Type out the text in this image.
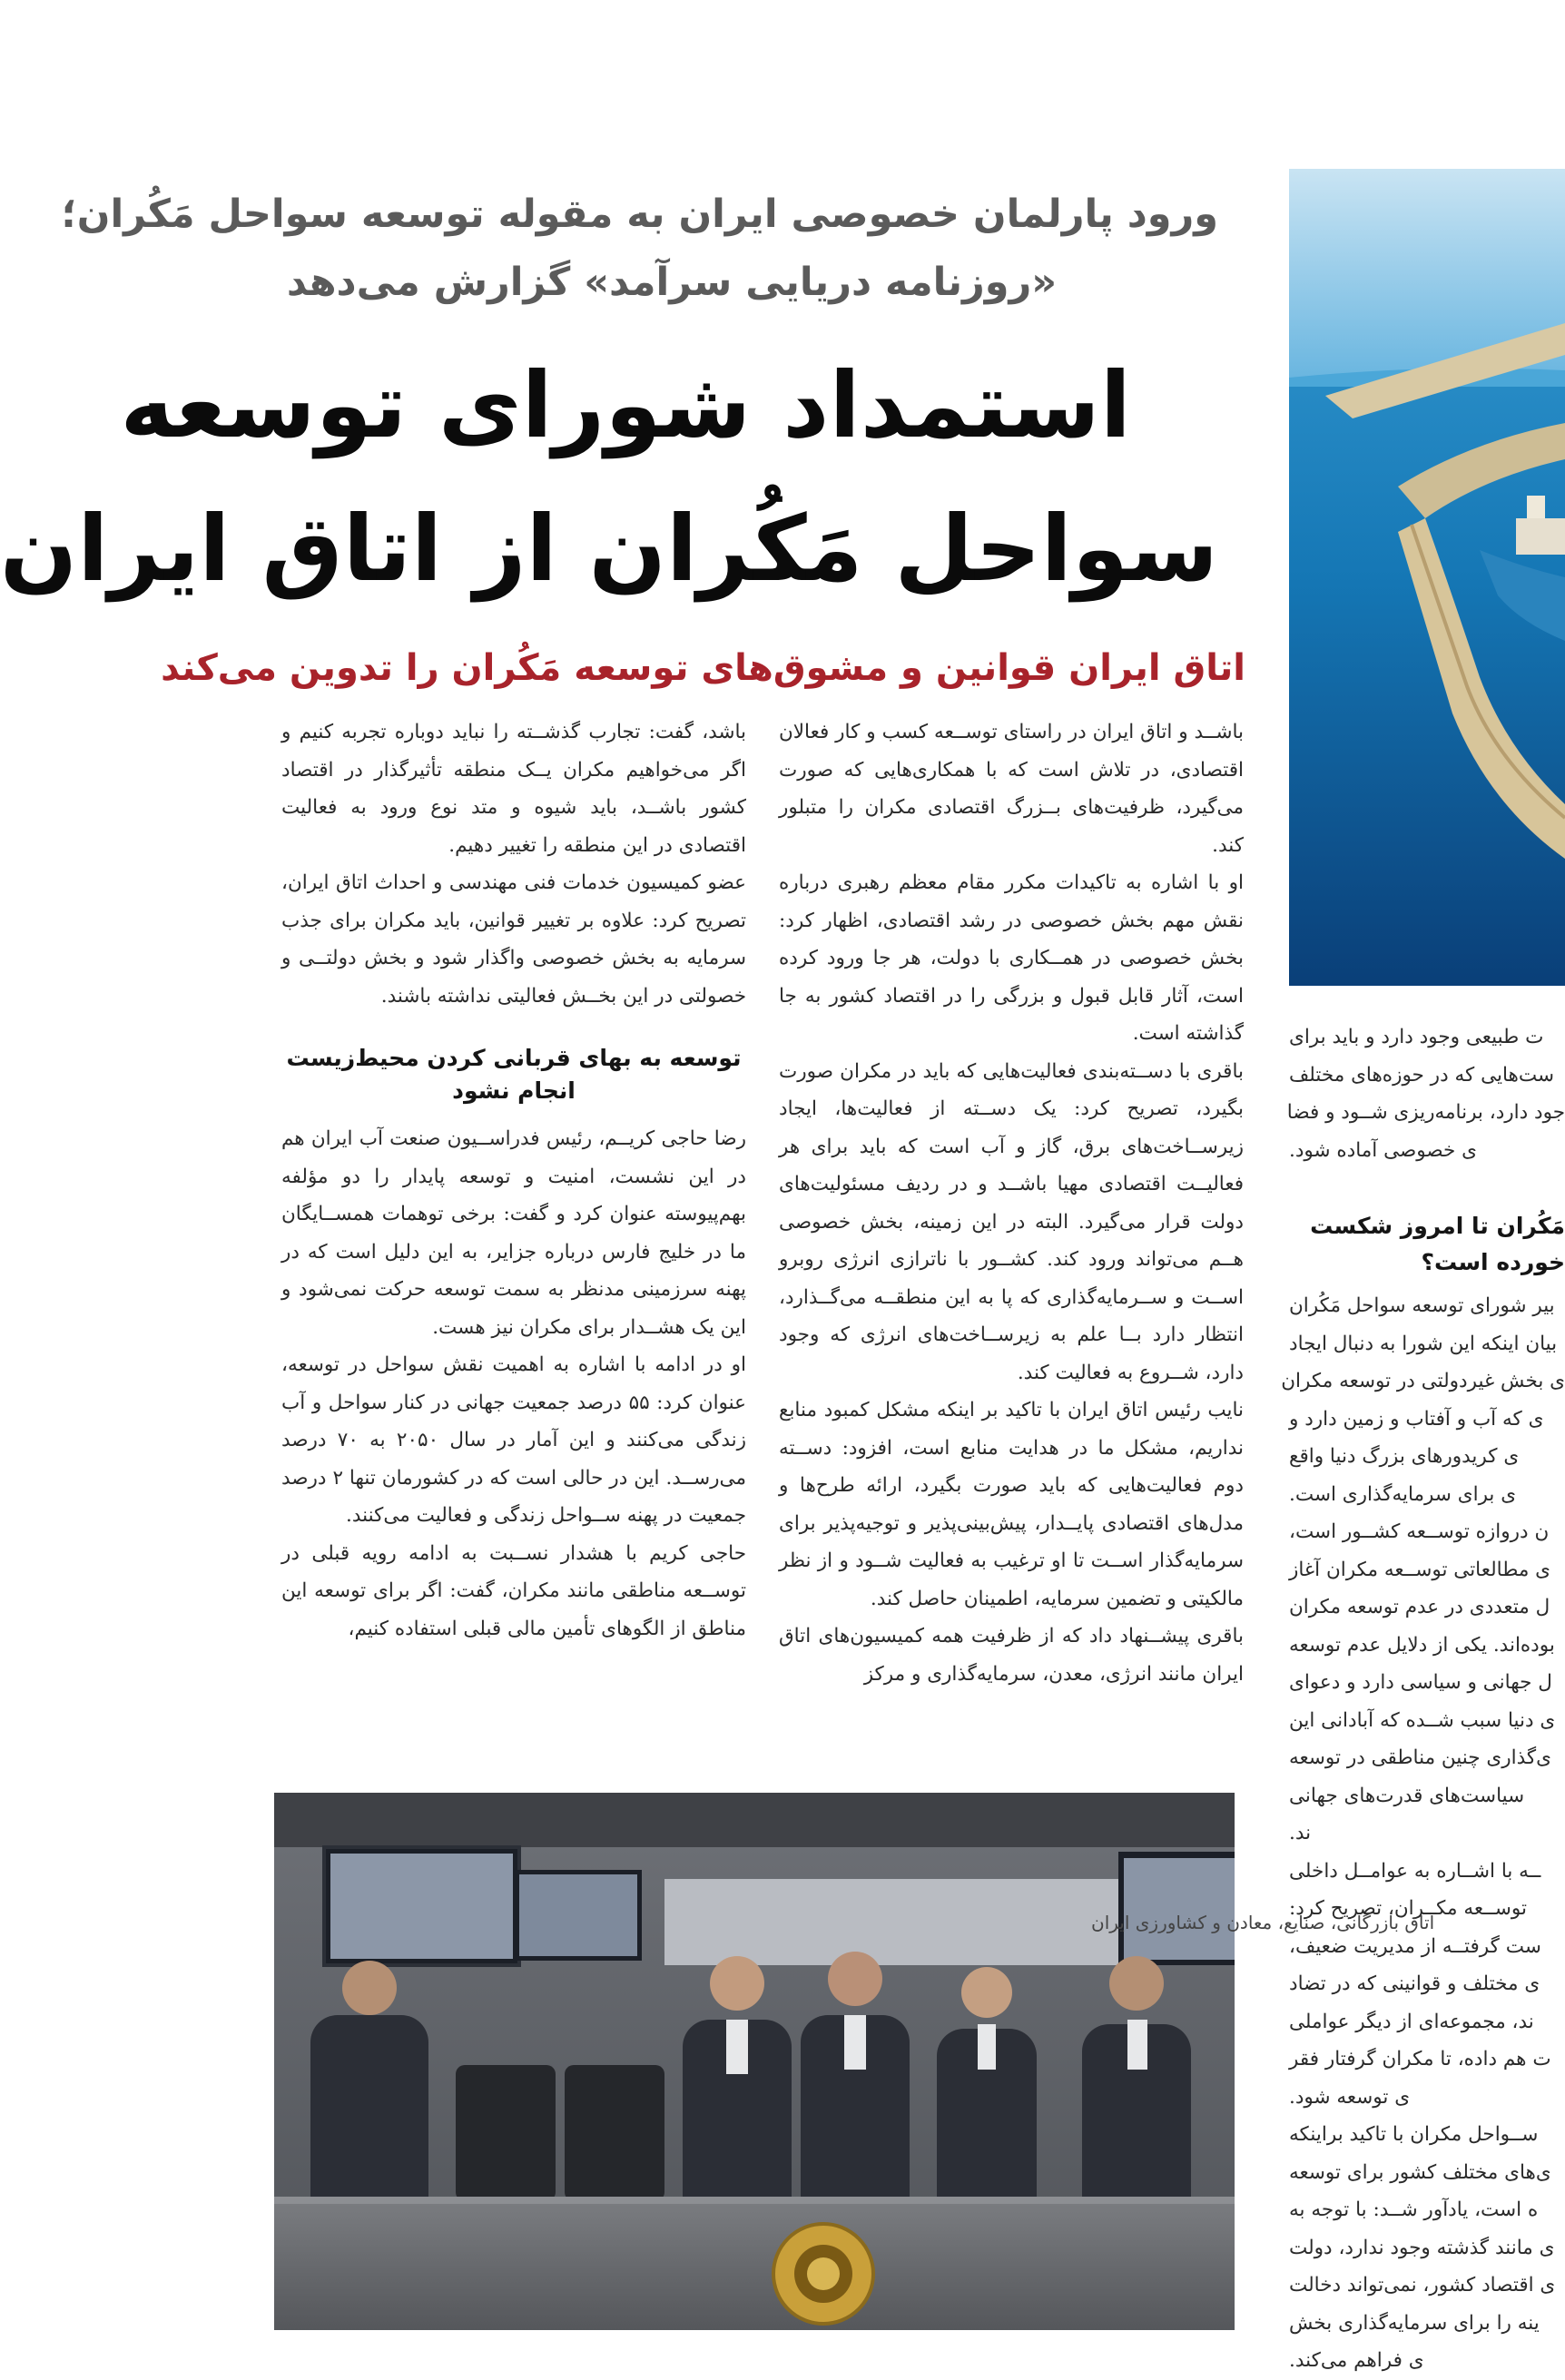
ورود پارلمان خصوصی ایران به مقوله توسعه سواحل مَکُران؛
«روزنامه دریایی سرآمد» گزارش می‌دهد
استمداد شورای توسعه
سواحل مَکُران از اتاق ایران
اتاق ایران قوانین و مشوق‌های توسعه مَکُران را تدوین می‌کند

باشــد و اتاق ایران در راستای توســعه کسب و کار فعالان اقتصادی، در تلاش است که با همکاری‌هایی که صورت می‌گیرد، ظرفیت‌های بــزرگ اقتصادی مکران را متبلور کند.

او با اشاره به تاکیدات مکرر مقام معظم رهبری درباره نقش مهم بخش خصوصی در رشد اقتصادی، اظهار کرد: بخش خصوصی در همــکاری با دولت، هر جا ورود کرده است، آثار قابل قبول و بزرگی را در اقتصاد کشور به جا گذاشته است.

باقری با دســته‌بندی فعالیت‌هایی که باید در مکران صورت بگیرد، تصریح کرد: یک دســته از فعالیت‌ها، ایجاد زیرســاخت‌های برق، گاز و آب است که باید برای هر فعالیــت اقتصادی مهیا باشــد و در ردیف مسئولیت‌های دولت قرار می‌گیرد. البته در این زمینه، بخش خصوصی هــم می‌تواند ورود کند. کشــور با ناترازی انرژی روبرو اســت و ســرمایه‌گذاری که پا به این منطقــه می‌گــذارد، انتظار دارد بــا علم به زیرســاخت‌های انرژی که وجود دارد، شــروع به فعالیت کند.

نایب رئیس اتاق ایران با تاکید بر اینکه مشکل کمبود منابع نداریم، مشکل ما در هدایت منابع است، افزود: دســته دوم فعالیت‌هایی که باید صورت بگیرد، ارائه طرح‌ها و مدل‌های اقتصادی پایــدار، پیش‌بینی‌پذیر و توجیه‌پذیر برای سرمایه‌گذار اســت تا او ترغیب به فعالیت شــود و از نظر مالکیتی و تضمین سرمایه، اطمینان حاصل کند.

باقری پیشــنهاد داد که از ظرفیت همه کمیسیون‌های اتاق ایران مانند انرژی، معدن، سرمایه‌گذاری و مرکز

باشد، گفت: تجارب گذشــته را نباید دوباره تجربه کنیم و اگر می‌خواهیم مکران یــک منطقه تأثیرگذار در اقتصاد کشور باشــد، باید شیوه و متد نوع ورود به فعالیت اقتصادی در این منطقه را تغییر دهیم.

عضو کمیسیون خدمات فنی مهندسی و احداث اتاق ایران، تصریح کرد: علاوه بر تغییر قوانین، باید مکران برای جذب سرمایه به بخش خصوصی واگذار شود و بخش دولتــی و خصولتی در این بخــش فعالیتی نداشته باشند.

توسعه به بهای قربانی کردن محیط‌زیست انجام نشود

رضا حاجی کریــم، رئیس فدراســیون صنعت آب ایران هم در این نشست، امنیت و توسعه پایدار را دو مؤلفه بهم‌پیوسته عنوان کرد و گفت: برخی توهمات همســایگان ما در خلیج فارس درباره جزایر، به این دلیل است که در پهنه سرزمینی مدنظر به سمت توسعه حرکت نمی‌شود و این یک هشــدار برای مکران نیز هست.

او در ادامه با اشاره به اهمیت نقش سواحل در توسعه، عنوان کرد: ۵۵ درصد جمعیت جهانی در کنار سواحل و آب زندگی می‌کنند و این آمار در سال ۲۰۵۰ به ۷۰ درصد می‌رســد. این در حالی است که در کشورمان تنها ۲ درصد جمعیت در پهنه ســواحل زندگی و فعالیت می‌کنند.

حاجی کریم با هشدار نســبت به ادامه رویه قبلی در توســعه مناطقی مانند مکران، گفت: اگر برای توسعه این مناطق از الگوهای تأمین مالی قبلی استفاده کنیم،

ت طبیعی وجود دارد و باید برای
ست‌هایی که در حوزه‌های مختلف
جود دارد، برنامه‌ریزی شــود و فضا
ی خصوصی آماده شود.
مَکُران تا امروز شکست
خورده است؟
بیر شورای توسعه سواحل مَکُران
بیان اینکه این شورا به دنبال ایجاد
ی بخش غیردولتی در توسعه مکران
ی که آب و آفتاب و زمین دارد و
ی کریدورهای بزرگ دنیا واقع
ی برای سرمایه‌گذاری است.
ن دروازه توســعه کشــور است،
ی مطالعاتی توســعه مکران آغاز
ل متعددی در عدم توسعه مکران
بوده‌اند. یکی از دلایل عدم توسعه
ل جهانی و سیاسی دارد و دعوای
ی دنیا سبب شــده که آبادانی این
ی‌گذاری چنین مناطقی در توسعه
سیاست‌های قدرت‌های جهانی
ند.
ــه با اشــاره به عوامــل داخلی
توســعه مکــران، تصریح کرد:
ست گرفتــه از مدیریت ضعیف،
ی مختلف و قوانینی که در تضاد
ند، مجموعه‌ای از دیگر عواملی
ت هم داده، تا مکران گرفتار فقر
ی توسعه شود.
ســواحل مکران با تاکید براینکه
ی‌های مختلف کشور برای توسعه
ه است، یادآور شــد: با توجه به
ی مانند گذشته وجود ندارد، دولت
ی اقتصاد کشور، نمی‌تواند دخالت
ینه را برای سرمایه‌گذاری بخش
ی فراهم می‌کند.
اتاق بازرگانی، صنایع، معادن و کشاورزی ایران
